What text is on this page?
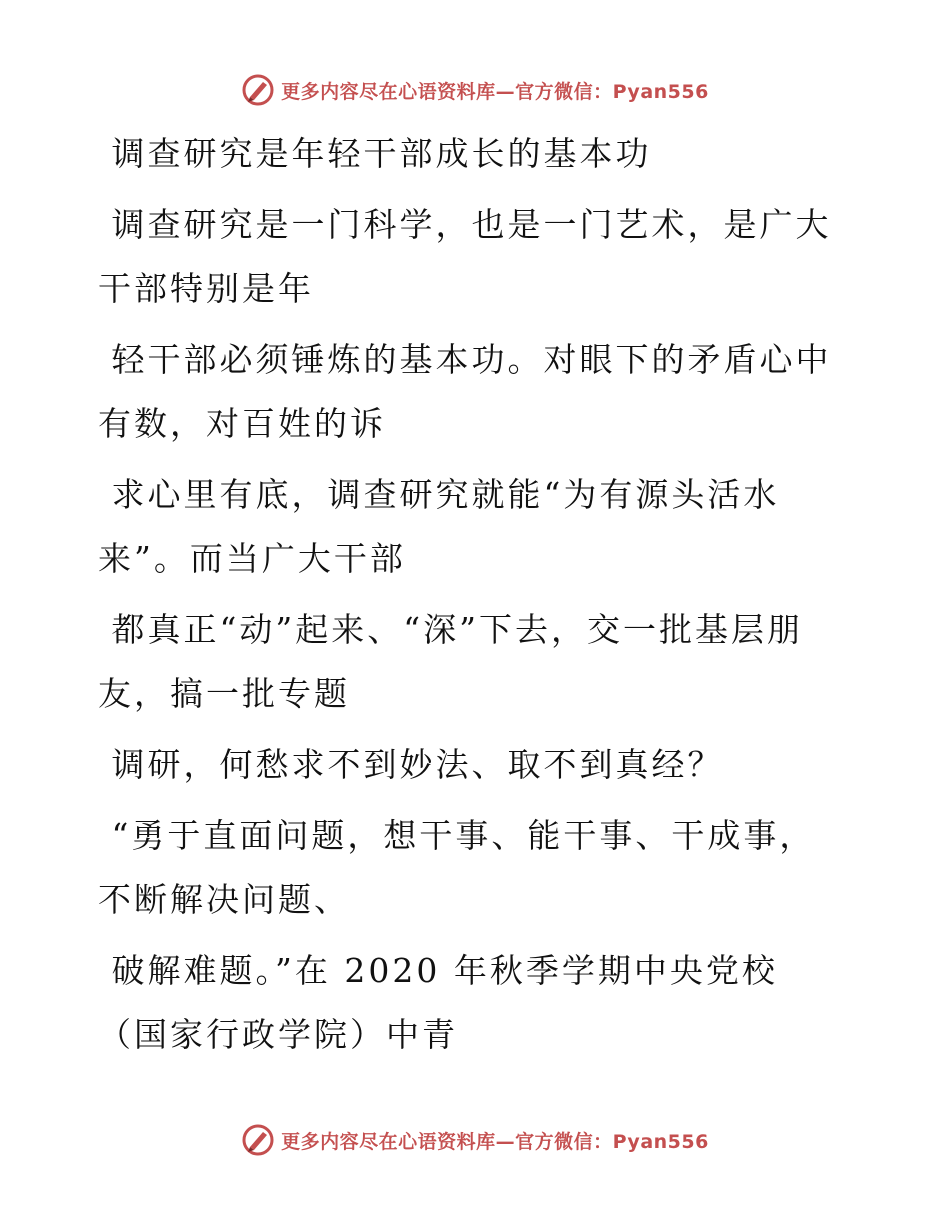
更多内容尽在心语资料库—官方微信：Pyan556

调查研究是年轻干部成长的基本功

调查研究是一门科学，也是一门艺术，是广大干部特别是年

轻干部必须锤炼的基本功。对眼下的矛盾心中有数，对百姓的诉

求心里有底，调查研究就能“为有源头活水来”。而当广大干部

都真正“动”起来、“深”下去，交一批基层朋友，搞一批专题

调研，何愁求不到妙法、取不到真经？

“勇于直面问题，想干事、能干事、干成事，不断解决问题、

破解难题。”在 2020 年秋季学期中央党校（国家行政学院）中青

更多内容尽在心语资料库—官方微信：Pyan556
